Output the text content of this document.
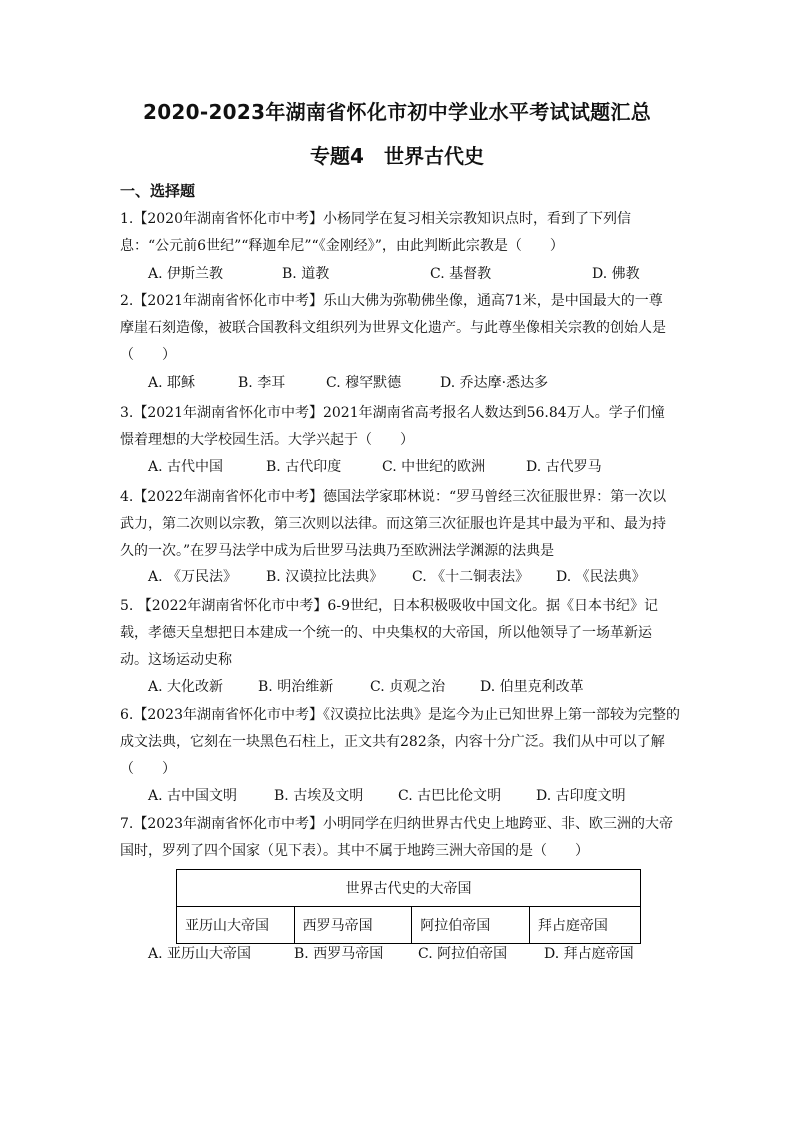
2020-2023年湖南省怀化市初中学业水平考试试题汇总
专题4　世界古代史
一、选择题
1.【2020年湖南省怀化市中考】小杨同学在复习相关宗教知识点时，看到了下列信
息：“公元前6世纪”“释迦牟尼”“《金刚经》”，由此判断此宗教是（　　）
A. 伊斯兰教	B. 道教	C. 基督教	D. 佛教
2.【2021年湖南省怀化市中考】乐山大佛为弥勒佛坐像，通高71米，是中国最大的一尊
摩崖石刻造像，被联合国教科文组织列为世界文化遗产。与此尊坐像相关宗教的创始人是
（　　）
A. 耶稣	B. 李耳	C. 穆罕默德	D. 乔达摩·悉达多
3.【2021年湖南省怀化市中考】2021年湖南省高考报名人数达到56.84万人。学子们憧
憬着理想的大学校园生活。大学兴起于（　　）
A. 古代中国	B. 古代印度	C. 中世纪的欧洲	D. 古代罗马
4.【2022年湖南省怀化市中考】德国法学家耶林说：“罗马曾经三次征服世界：第一次以
武力，第二次则以宗教，第三次则以法律。而这第三次征服也许是其中最为平和、最为持
久的一次。”在罗马法学中成为后世罗马法典乃至欧洲法学渊源的法典是
A. 《万民法》 B. 汉谟拉比法典》 C. 《十二铜表法》 D. 《民法典》
5. 【2022年湖南省怀化市中考】6-9世纪，日本积极吸收中国文化。据《日本书纪》记
载，孝德天皇想把日本建成一个统一的、中央集权的大帝国，所以他领导了一场革新运
动。这场运动史称
A. 大化改新 B. 明治维新	C. 贞观之治 D. 伯里克利改革
6.【2023年湖南省怀化市中考】《汉谟拉比法典》是迄今为止已知世界上第一部较为完整的
成文法典，它刻在一块黑色石柱上，正文共有282条，内容十分广泛。我们从中可以了解
（　　）
A. 古中国文明	B. 古埃及文明 C. 古巴比伦文明 D. 古印度文明
7.【2023年湖南省怀化市中考】小明同学在归纳世界古代史上地跨亚、非、欧三洲的大帝
国时，罗列了四个国家（见下表）。其中不属于地跨三洲大帝国的是（　　）
世界古代史的大帝国
亚历山大帝国	西罗马帝国	阿拉伯帝国	拜占庭帝国
A. 亚历山大帝国	B. 西罗马帝国 C. 阿拉伯帝国	D. 拜占庭帝国
